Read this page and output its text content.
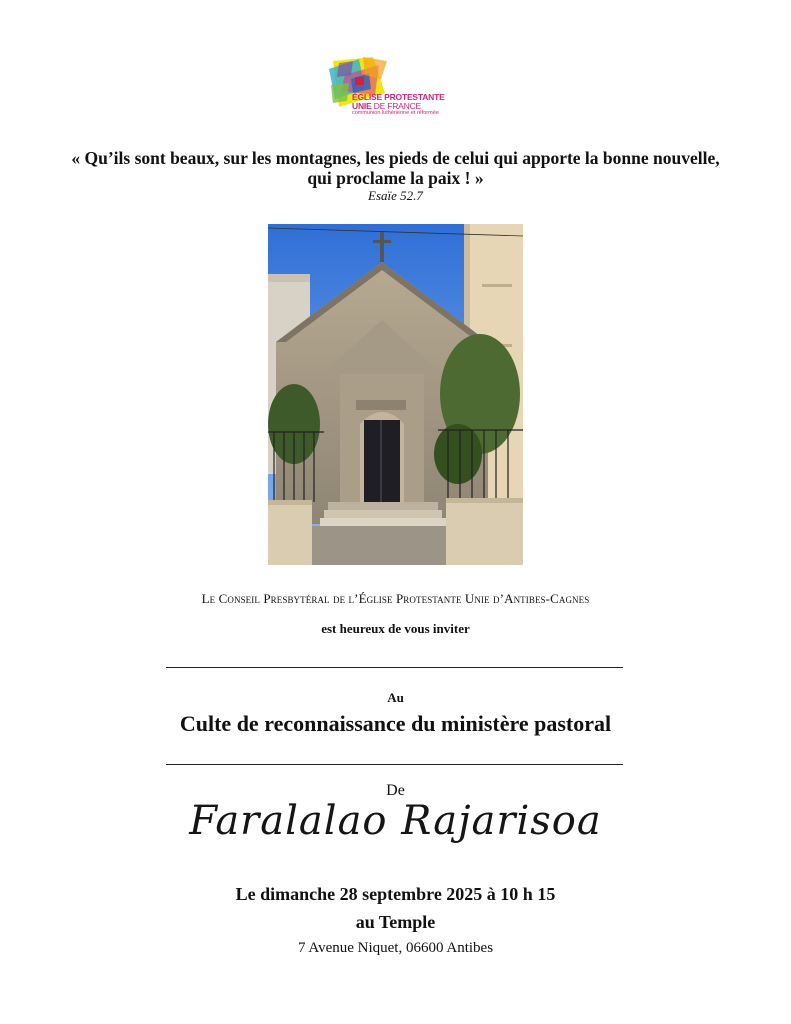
ÉGLISE PROTESTANTE
UNIE DE FRANCE
communion luthérienne et réformée
« Qu’ils sont beaux, sur les montagnes, les pieds de celui qui apporte la bonne nouvelle, qui proclame la paix ! »
Esaïe 52.7
Le Conseil Presbytéral de l’Église Protestante Unie d’Antibes-Cagnes
est heureux de vous inviter
Au
Culte de reconnaissance du ministère pastoral
De
Faralalao Rajarisoa
Le dimanche 28 septembre 2025 à 10 h 15
au Temple
7 Avenue Niquet, 06600 Antibes
